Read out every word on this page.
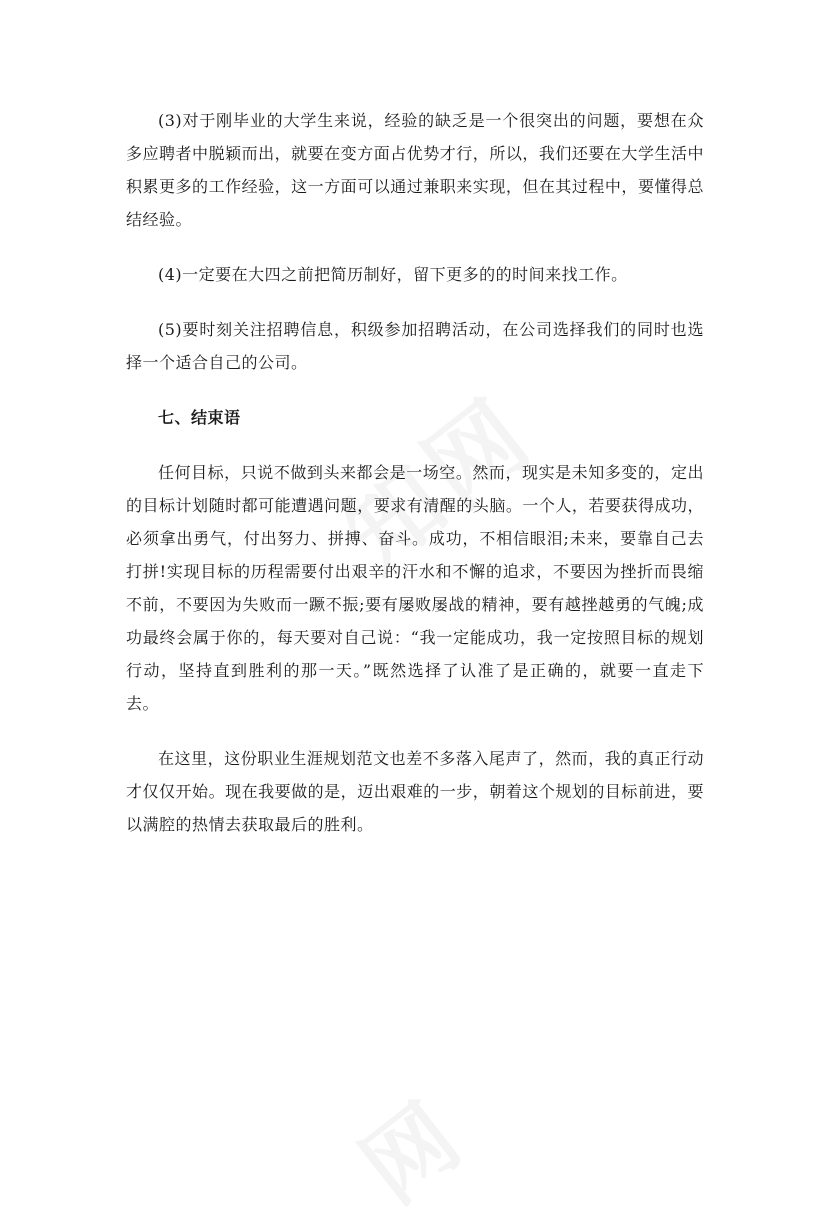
(3)对于刚毕业的大学生来说，经验的缺乏是一个很突出的问题，要想在众多应聘者中脱颖而出，就要在变方面占优势才行，所以，我们还要在大学生活中积累更多的工作经验，这一方面可以通过兼职来实现，但在其过程中，要懂得总结经验。

(4)一定要在大四之前把简历制好，留下更多的的时间来找工作。

(5)要时刻关注招聘信息，积级参加招聘活动，在公司选择我们的同时也选择一个适合自己的公司。

七、结束语

任何目标，只说不做到头来都会是一场空。然而，现实是未知多变的，定出的目标计划随时都可能遭遇问题，要求有清醒的头脑。一个人，若要获得成功，必须拿出勇气，付出努力、拼搏、奋斗。成功，不相信眼泪;未来，要靠自己去打拼!实现目标的历程需要付出艰辛的汗水和不懈的追求，不要因为挫折而畏缩不前，不要因为失败而一蹶不振;要有屡败屡战的精神，要有越挫越勇的气魄;成功最终会属于你的，每天要对自己说：“我一定能成功，我一定按照目标的规划行动，坚持直到胜利的那一天。”既然选择了认准了是正确的，就要一直走下去。

在这里，这份职业生涯规划范文也差不多落入尾声了，然而，我的真正行动才仅仅开始。现在我要做的是，迈出艰难的一步，朝着这个规划的目标前进，要以满腔的热情去获取最后的胜利。
